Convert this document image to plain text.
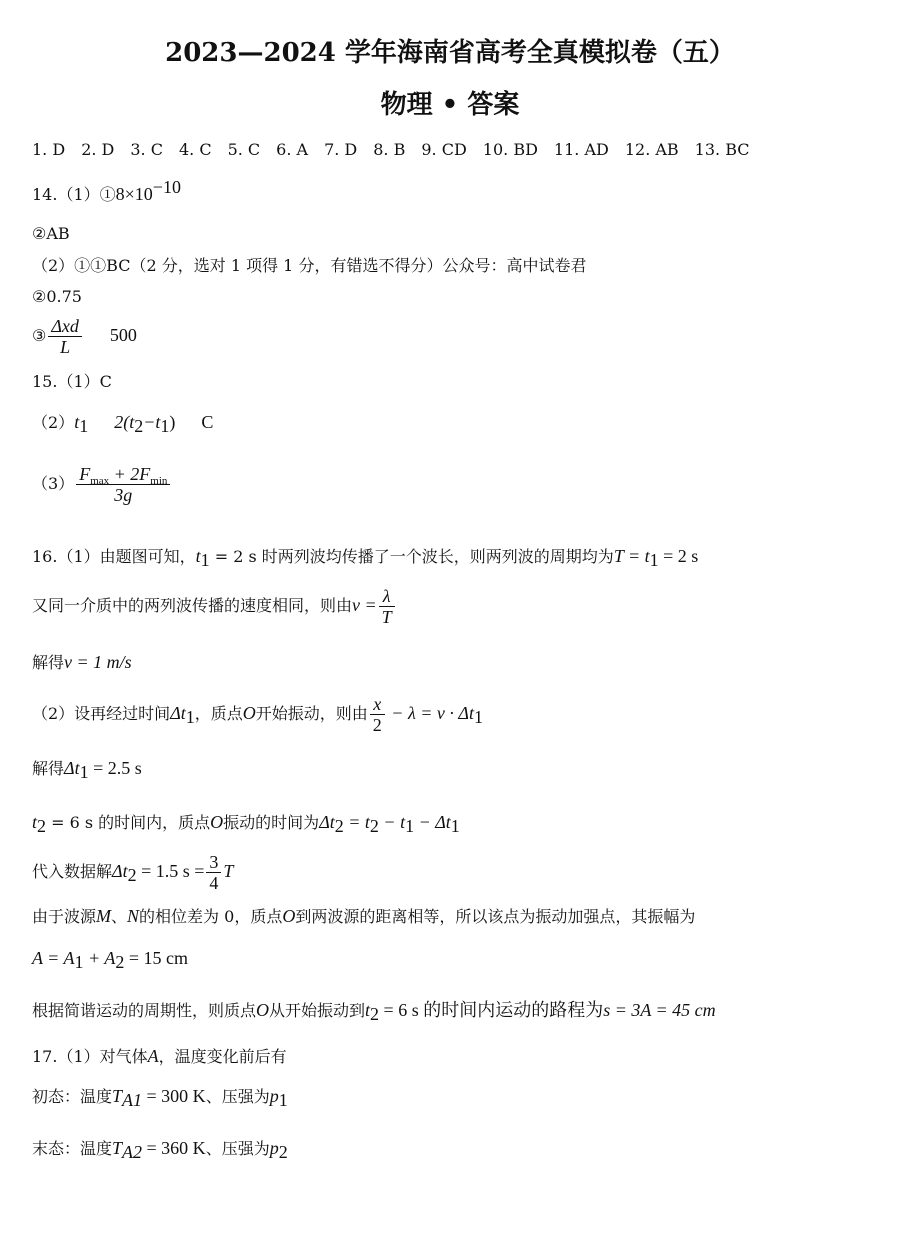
2023—2024 学年海南省高考全真模拟卷（五）
物理 • 答案
1. D 2. D 3. C 4. C 5. C 6. A 7. D 8. B 9. CD 10. BD 11. AD 12. AB 13. BC
$14.(1)①8\times 10^{-10}$
②AB
（2）①①BC（2 分，选对 1 项得 1 分，有错选不得分）公众号：高中试卷君
②0.75
③ $\frac{\text{Δxd}}{L} 500$
15.（1）C
$(2)t_1$ $2(t_2-t_1)$ C
$(3) \frac{F_{max} + 2F_{min}}{3g}$
16.（1）由题图可知，$t_1 = 2$ s 时两列波均传播了一个波长，则两列波的周期均为$T = t_1 = 2$ s
又同一介质中的两列波传播的速度相同，则由$v = \frac{\lambda}{T}$
解得v = 1 m/s
（2）设再经过时间$\Delta t_1$，质点O开始振动，则由 $\frac{x}{2} - \lambda = v \cdot \Delta t_1$
解得$\Delta t_1 = 2.5$ s
$t_2 = 6$ s 的时间内，质点O振动的时间为$\Delta t_2 = t_2 - t_1 - \Delta t_1$
代入数据解$\Delta t_2 = 1.5$ $s = \frac{3}{4}$ T
由于波源M、N的相位差为 0，质点O到两波源的距离相等，所以该点为振动加强点，其振幅为
$A = A_1 + A_2 = 15$ cm
根据简谐运动的周期性，则质点O从开始振动到$t_2 = 6$ s 的时间内运动的路程为s = 3A = 45 cm
17.（1）对气体A，温度变化前后有
初态：温度$T_{A1} = 300$ K、压强为$p_1$
末态：温度$T_{A2} = 360$ K、压强为$p_2$
